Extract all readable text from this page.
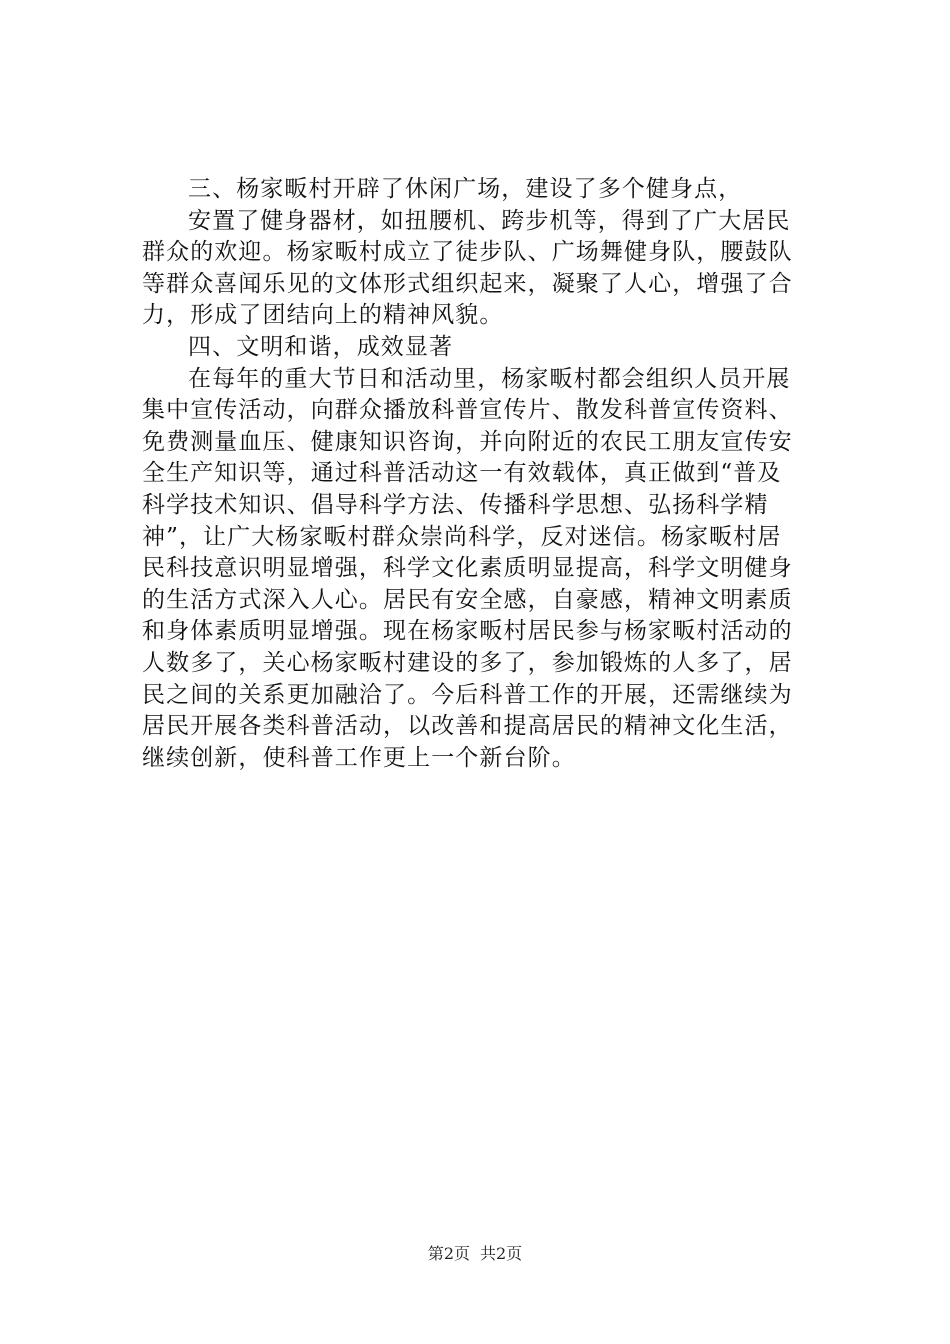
三、杨家畈村开辟了休闲广场，建设了多个健身点，
安置了健身器材，如扭腰机、跨步机等，得到了广大居民
群众的欢迎。杨家畈村成立了徒步队、广场舞健身队，腰鼓队
等群众喜闻乐见的文体形式组织起来，凝聚了人心，增强了合
力，形成了团结向上的精神风貌。
四、文明和谐，成效显著
在每年的重大节日和活动里，杨家畈村都会组织人员开展
集中宣传活动，向群众播放科普宣传片、散发科普宣传资料、
免费测量血压、健康知识咨询，并向附近的农民工朋友宣传安
全生产知识等，通过科普活动这一有效载体，真正做到“普及
科学技术知识、倡导科学方法、传播科学思想、弘扬科学精
神”，让广大杨家畈村群众崇尚科学，反对迷信。杨家畈村居
民科技意识明显增强，科学文化素质明显提高，科学文明健身
的生活方式深入人心。居民有安全感，自豪感，精神文明素质
和身体素质明显增强。现在杨家畈村居民参与杨家畈村活动的
人数多了，关心杨家畈村建设的多了，参加锻炼的人多了，居
民之间的关系更加融洽了。今后科普工作的开展，还需继续为
居民开展各类科普活动，以改善和提高居民的精神文化生活，
继续创新，使科普工作更上一个新台阶。
第2页 共2页
